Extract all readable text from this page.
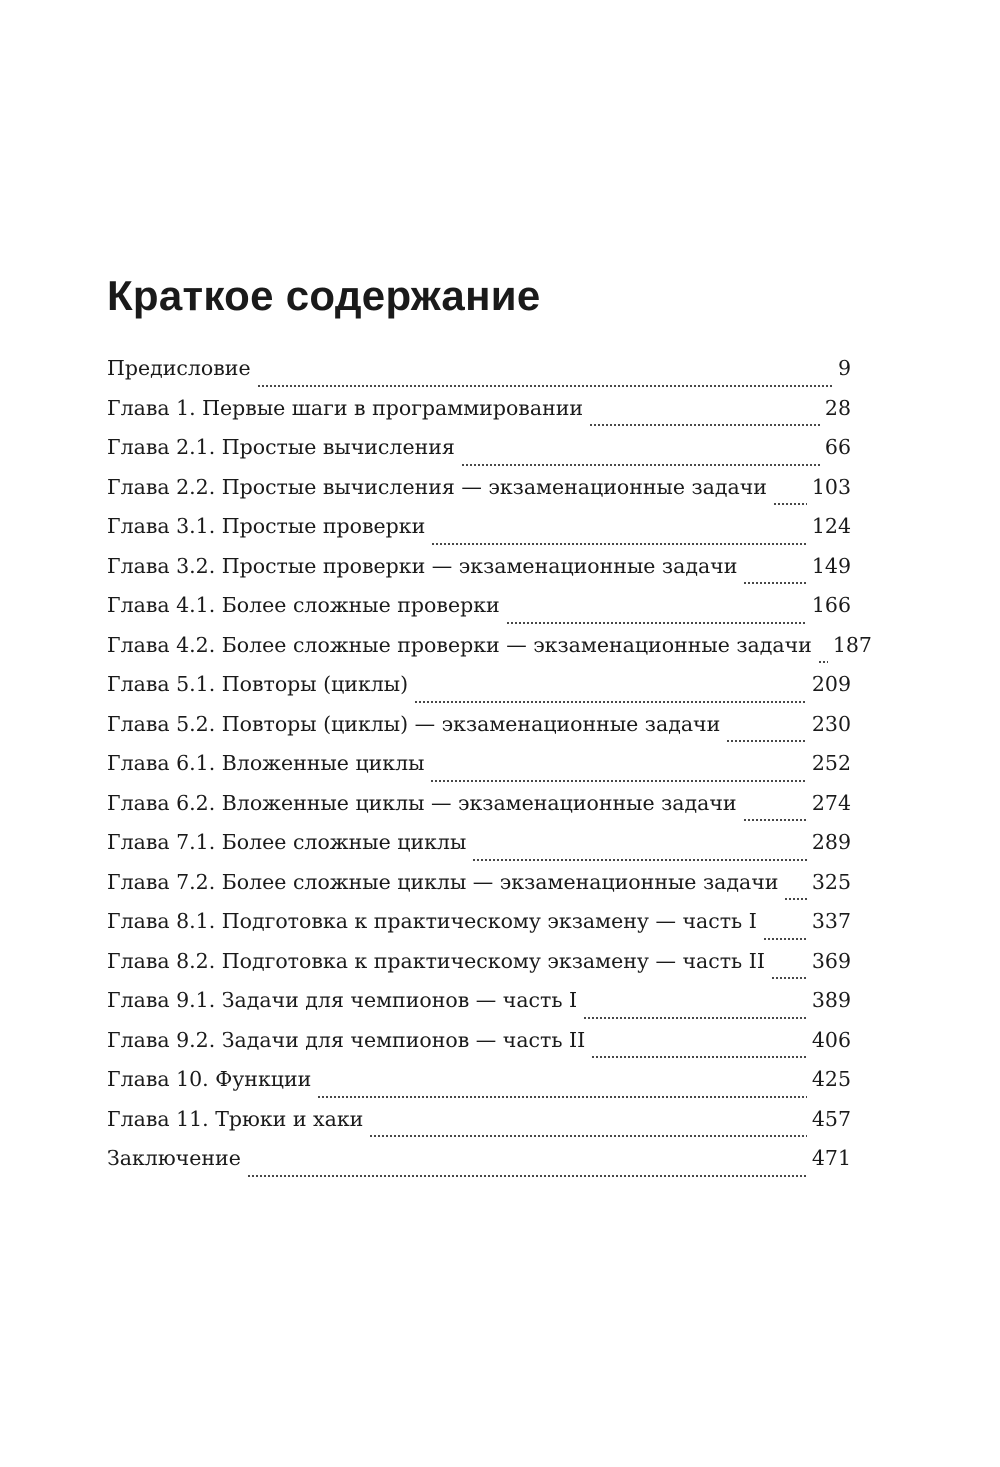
Краткое содержание
Предисловие	9
Глава 1. Первые шаги в программировании	28
Глава 2.1. Простые вычисления	66
Глава 2.2. Простые вычисления — экзаменационные задачи 103
Глава 3.1. Простые проверки	124
Глава 3.2. Простые проверки — экзаменационные задачи	149
Глава 4.1. Более сложные проверки	166
Глава 4.2. Более сложные проверки — экзаменационные задачи 187
Глава 5.1. Повторы (циклы)	209
Глава 5.2. Повторы (циклы) — экзаменационные задачи	230
Глава 6.1. Вложенные циклы	252
Глава 6.2. Вложенные циклы — экзаменационные задачи	274
Глава 7.1. Более сложные циклы	289
Глава 7.2. Более сложные циклы — экзаменационные задачи 325
Глава 8.1. Подготовка к практическому экзамену — часть I	337
Глава 8.2. Подготовка к практическому экзамену — часть II 369
Глава 9.1. Задачи для чемпионов — часть I	389
Глава 9.2. Задачи для чемпионов — часть II	406
Глава 10. Функции	425
Глава 11. Трюки и хаки	457
Заключение	471
